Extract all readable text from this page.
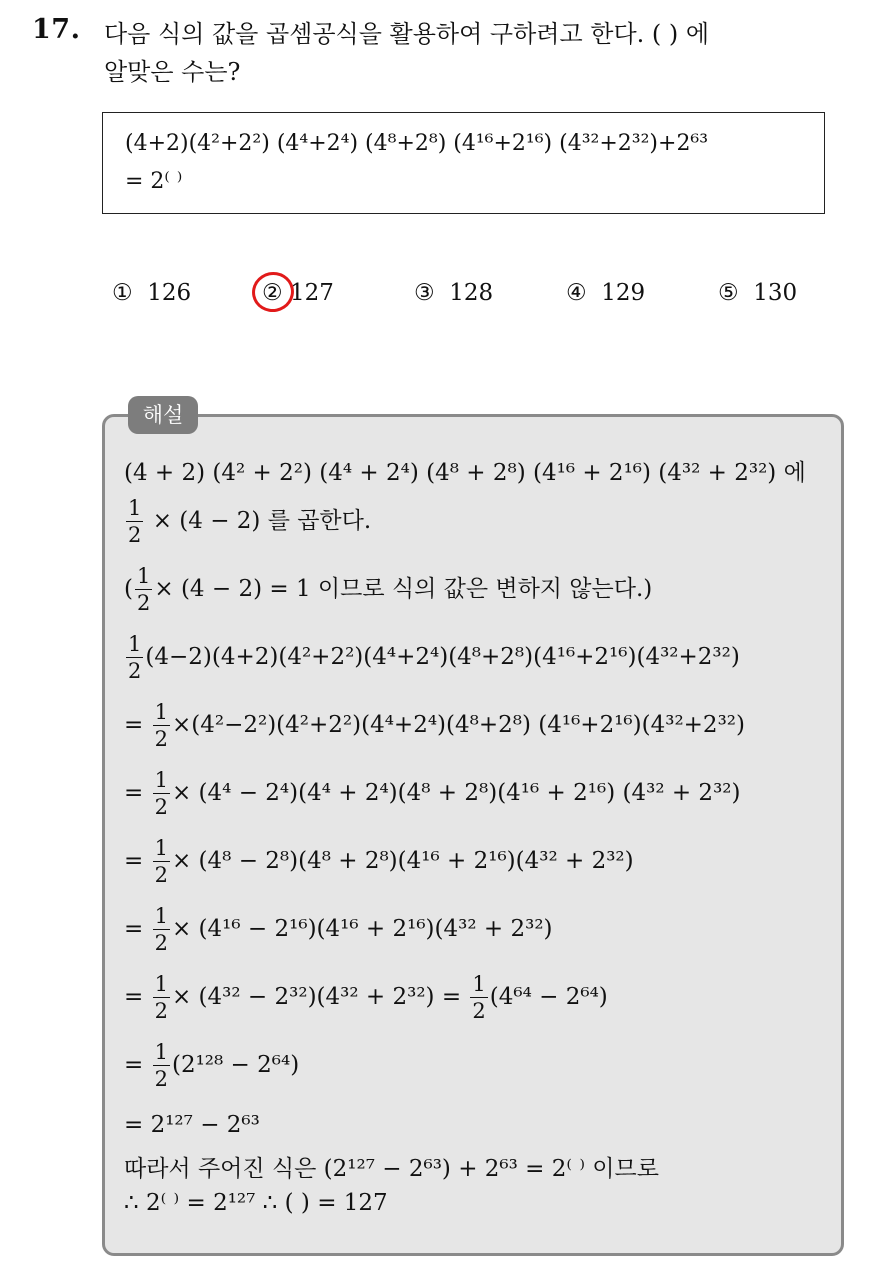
17. 다음 식의 값을 곱셈공식을 활용하여 구하려고 한다. ( ) 에
알맞은 수는?
(4+2)(4²+2²) (4⁴+2⁴) (4⁸+2⁸) (4¹⁶+2¹⁶) (4³²+2³²)+2⁶³
= 2⁽ ⁾
① 126	② 127	③ 128	④ 129	⑤ 130
해설
(4 + 2) (4² + 2²) (4⁴ + 2⁴) (4⁸ + 2⁸) (4¹⁶ + 2¹⁶) (4³² + 2³²) 에
$\frac{1}{2} \times (4 - 2)$ 를 곱한다.
( $\frac{1}{2} \times (4 - 2) = 1$ 이므로 식의 값은 변하지 않는다.)
$\frac{1}{2} (4-2)(4+2)(4^2+2^2)(4^4+2^4)(4^8+2^8)(4^{16}+2^{16})(4^{32}+2^{32})$
= $\frac{1}{2} \times(4^2-2^2)(4^2+2^2)(4^4+2^4)(4^8+2^8)$ (4¹⁶+2¹⁶)(4³²+2³²)
= $\frac{1}{2} \times (4^4 - 2^4)(4^4 + 2^4)(4^8 + 2^8)(4^{16} + 2^{16}) (4^{32} + 2^{32})$
= $\frac{1}{2} \times (4^8 - 2^8)(4^8 + 2^8)(4^{16} + 2^{16})(4^{32} + 2^{32})$
= $\frac{1}{2} \times (4^{16} - 2^{16})(4^{16} + 2^{16})(4^{32} + 2^{32})$
= $\frac{1}{2} \times (4^{32} - 2^{32})(4^{32} + 2^{32}) = \frac{1}{2} (4^{64} - 2^{64})$
= $\frac{1}{2} (2^{128} - 2^{64})$
= 2¹²⁷ − 2⁶³
따라서 주어진 식은 (2¹²⁷ − 2⁶³) + 2⁶³ = 2⁽ ⁾ 이므로
∴ 2⁽ ⁾ = 2¹²⁷ ∴ ( ) = 127
